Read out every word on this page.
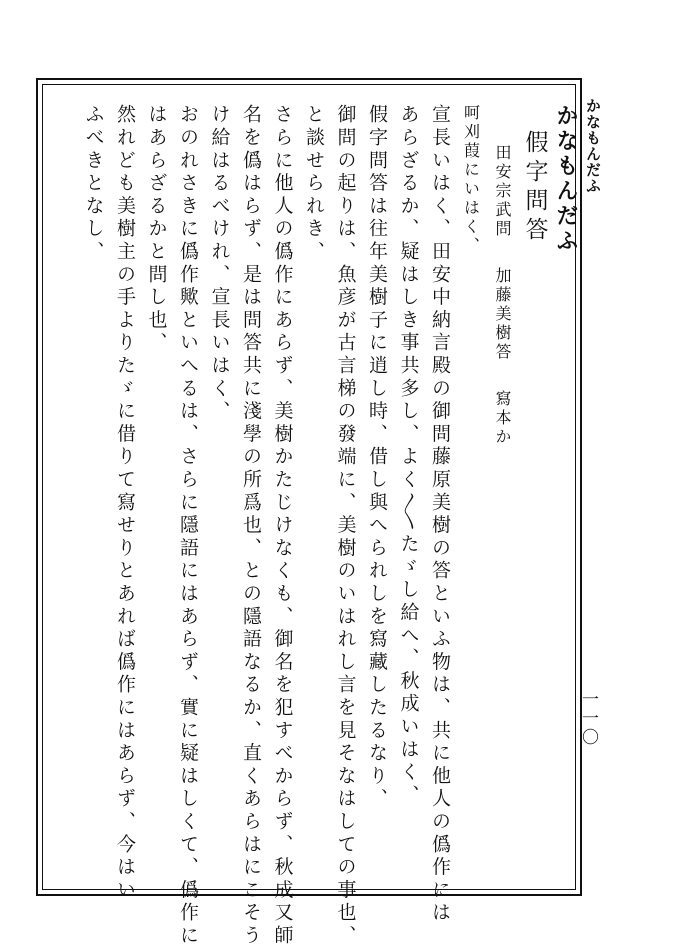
かなもんだふ
一一〇
かなもんだふ
假字問答
田安宗武問加藤美樹答寫本か
呵刈葭にいはく、
宣長いはく、田安中納言殿の御問藤原美樹の答といふ物は、共に他人の僞作には
あらざるか、疑はしき事共多し、よく〳〵たゞし給へ、秋成いはく、
假字問答は往年美樹子に逍し時、借し與へられしを寫藏したるなり、
御問の起りは、魚彦が古言梯の發端に、美樹のいはれし言を見そなはしての事也、
と談せられき、
さらに他人の僞作にあらず、美樹かたじけなくも、御名を犯すべからず、秋成又師
名を僞はらず、是は問答共に淺學の所爲也、との隱語なるか、直くあらはにこそう
け給はるべけれ、宣長いはく、
おのれさきに僞作歟といへるは、さらに隱語にはあらず、實に疑はしくて、僞作に
はあらざるかと問し也、
然れども美樹主の手よりたゞに借りて寫せりとあれば僞作にはあらず、今はい
ふべきとなし、
